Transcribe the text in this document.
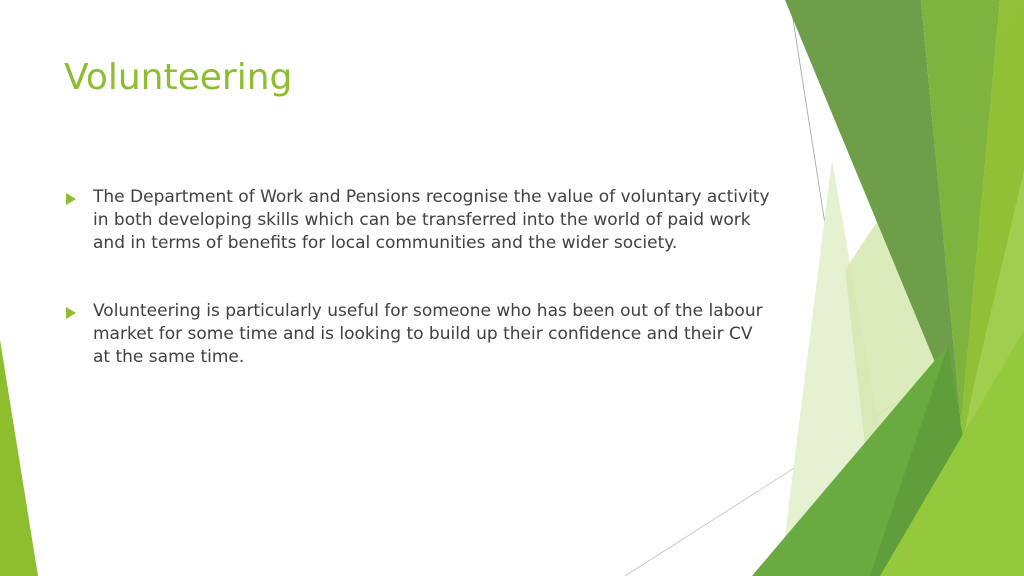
Volunteering
The Department of Work and Pensions recognise the value of voluntary activity in both developing skills which can be transferred into the world of paid work and in terms of benefits for local communities and the wider society.
Volunteering is particularly useful for someone who has been out of the labour market for some time and is looking to build up their confidence and their CV at the same time.
